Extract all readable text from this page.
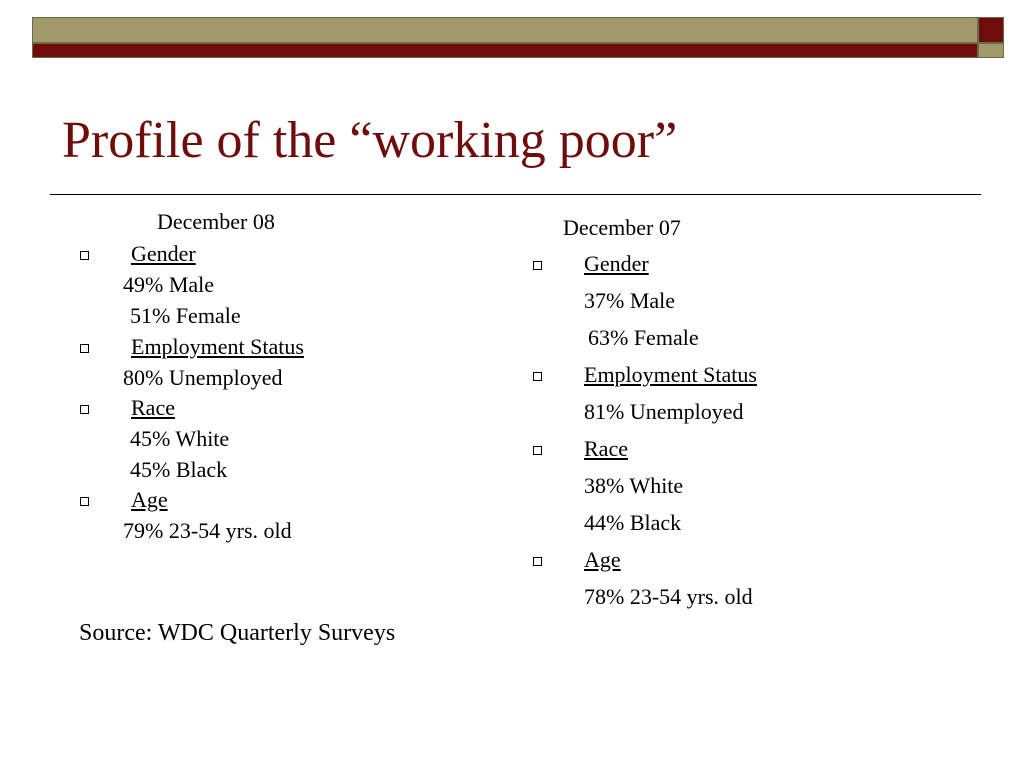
Profile of the “working poor”
December 08
Gender
49% Male
51% Female
Employment Status
80% Unemployed
Race
45% White
45% Black
Age
79% 23-54 yrs. old
December 07
Gender
37% Male
63% Female
Employment Status
81% Unemployed
Race
38% White
44% Black
Age
78% 23-54 yrs. old
Source: WDC Quarterly Surveys
